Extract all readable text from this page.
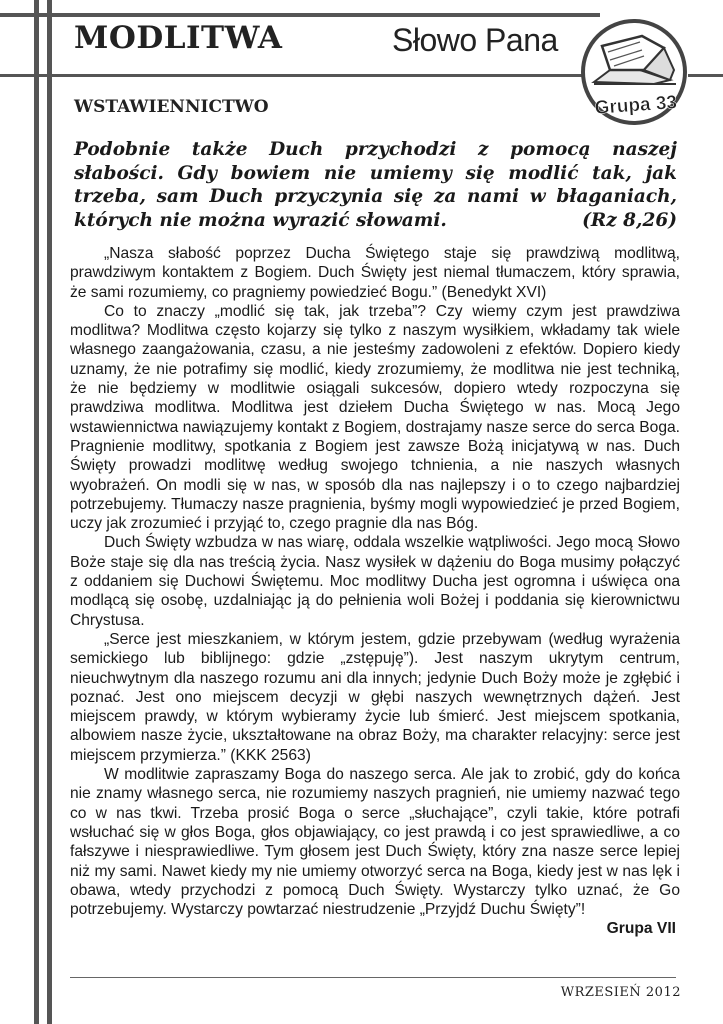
MODLITWA	Słowo Pana
Grupa 33
WSTAWIENNICTWO
Podobnie także Duch przychodzi z pomocą naszej słabości. Gdy bowiem nie umiemy się modlić tak, jak trzeba, sam Duch przyczynia się za nami w błaganiach, których nie można wyrazić słowami.	(Rz 8,26)

„Nasza słabość poprzez Ducha Świętego staje się prawdziwą modlitwą, prawdziwym kontaktem z Bogiem. Duch Święty jest niemal tłumaczem, który sprawia, że sami rozumiemy, co pragniemy powiedzieć Bogu.” (Benedykt XVI)

Co to znaczy „modlić się tak, jak trzeba”? Czy wiemy czym jest prawdziwa modlitwa? Modlitwa często kojarzy się tylko z naszym wysiłkiem, wkładamy tak wiele własnego zaangażowania, czasu, a nie jesteśmy zadowoleni z efektów. Dopiero kiedy uznamy, że nie potrafimy się modlić, kiedy zrozumiemy, że modlitwa nie jest techniką, że nie będziemy w modlitwie osiągali sukcesów, dopiero wtedy rozpoczyna się prawdziwa modlitwa. Modlitwa jest dziełem Ducha Świętego w nas. Mocą Jego wstawiennictwa nawiązujemy kontakt z Bogiem, dostrajamy nasze serce do serca Boga. Pragnienie modlitwy, spotkania z Bogiem jest zawsze Bożą inicjatywą w nas. Duch Święty prowadzi modlitwę według swojego tchnienia, a nie naszych własnych wyobrażeń. On modli się w nas, w sposób dla nas najlepszy i o to czego najbardziej potrzebujemy. Tłumaczy nasze pragnienia, byśmy mogli wypowiedzieć je przed Bogiem, uczy jak zrozumieć i przyjąć to, czego pragnie dla nas Bóg.

Duch Święty wzbudza w nas wiarę, oddala wszelkie wątpliwości. Jego mocą Słowo Boże staje się dla nas treścią życia. Nasz wysiłek w dążeniu do Boga musimy połączyć z oddaniem się Duchowi Świętemu. Moc modlitwy Ducha jest ogromna i uświęca ona modlącą się osobę, uzdalniając ją do pełnienia woli Bożej i poddania się kierownictwu Chrystusa.

„Serce jest mieszkaniem, w którym jestem, gdzie przebywam (według wyrażenia semickiego lub biblijnego: gdzie „zstępuję”). Jest naszym ukrytym centrum, nieuchwytnym dla naszego rozumu ani dla innych; jedynie Duch Boży może je zgłębić i poznać. Jest ono miejscem decyzji w głębi naszych wewnętrznych dążeń. Jest miejscem prawdy, w którym wybieramy życie lub śmierć. Jest miejscem spotkania, albowiem nasze życie, ukształtowane na obraz Boży, ma charakter relacyjny: serce jest miejscem przymierza.” (KKK 2563)

W modlitwie zapraszamy Boga do naszego serca. Ale jak to zrobić, gdy do końca nie znamy własnego serca, nie rozumiemy naszych pragnień, nie umiemy nazwać tego co w nas tkwi. Trzeba prosić Boga o serce „słuchające”, czyli takie, które potrafi wsłuchać się w głos Boga, głos objawiający, co jest prawdą i co jest sprawiedliwe, a co fałszywe i niesprawiedliwe. Tym głosem jest Duch Święty, który zna nasze serce lepiej niż my sami. Nawet kiedy my nie umiemy otworzyć serca na Boga, kiedy jest w nas lęk i obawa, wtedy przychodzi z pomocą Duch Święty. Wystarczy tylko uznać, że Go potrzebujemy. Wystarczy powtarzać niestrudzenie „Przyjdź Duchu Święty”!
Grupa VII

WRZESIEŃ 2012
